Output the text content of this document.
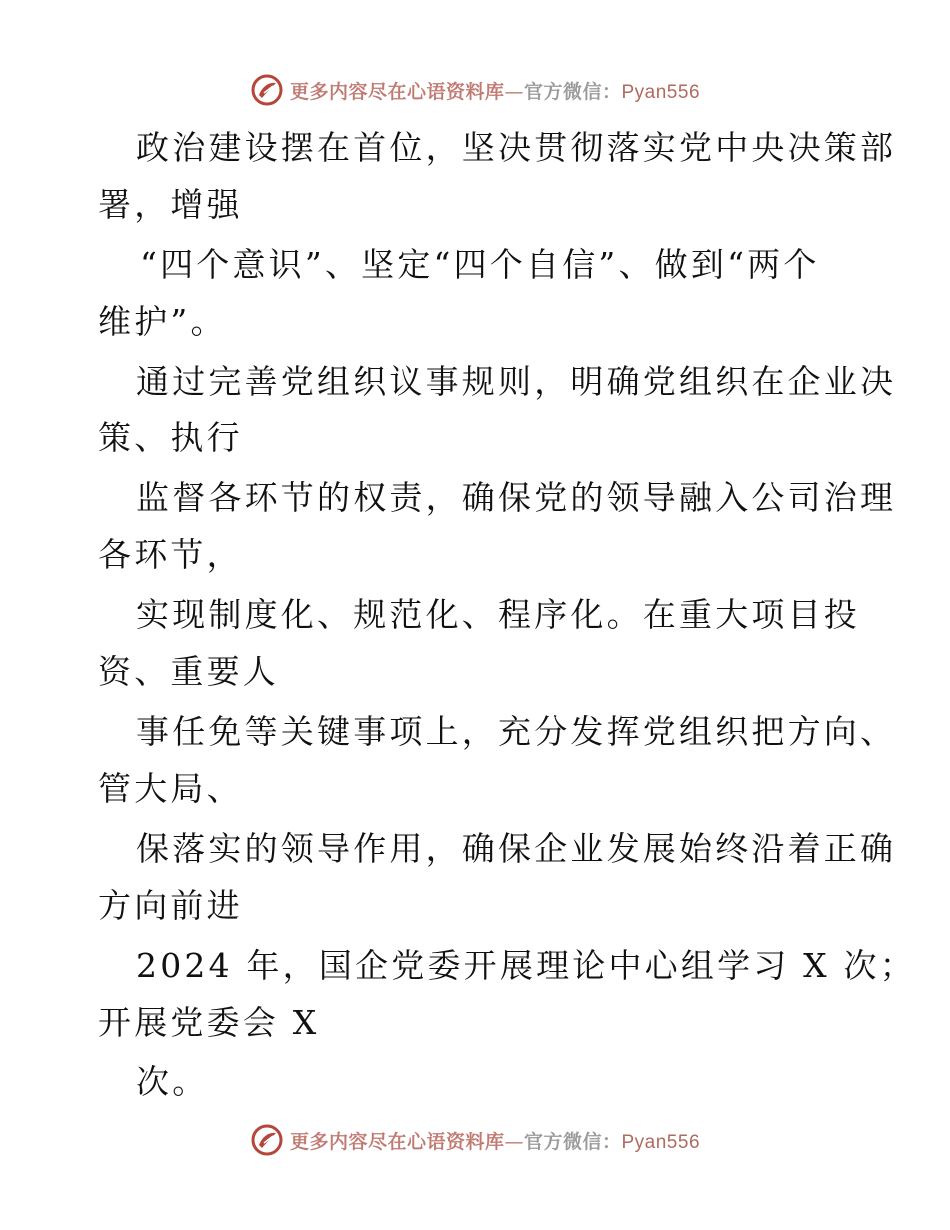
更多内容尽在心语资料库—官方微信：Pyan556
政治建设摆在首位，坚决贯彻落实党中央决策部
署，增强
“四个意识”、坚定“四个自信”、做到“两个
维护”。
通过完善党组织议事规则，明确党组织在企业决
策、执行
监督各环节的权责，确保党的领导融入公司治理
各环节，
实现制度化、规范化、程序化。在重大项目投
资、重要人
事任免等关键事项上，充分发挥党组织把方向、
管大局、
保落实的领导作用，确保企业发展始终沿着正确
方向前进
2024 年，国企党委开展理论中心组学习 X 次；
开展党委会 X
次。
更多内容尽在心语资料库—官方微信：Pyan556
